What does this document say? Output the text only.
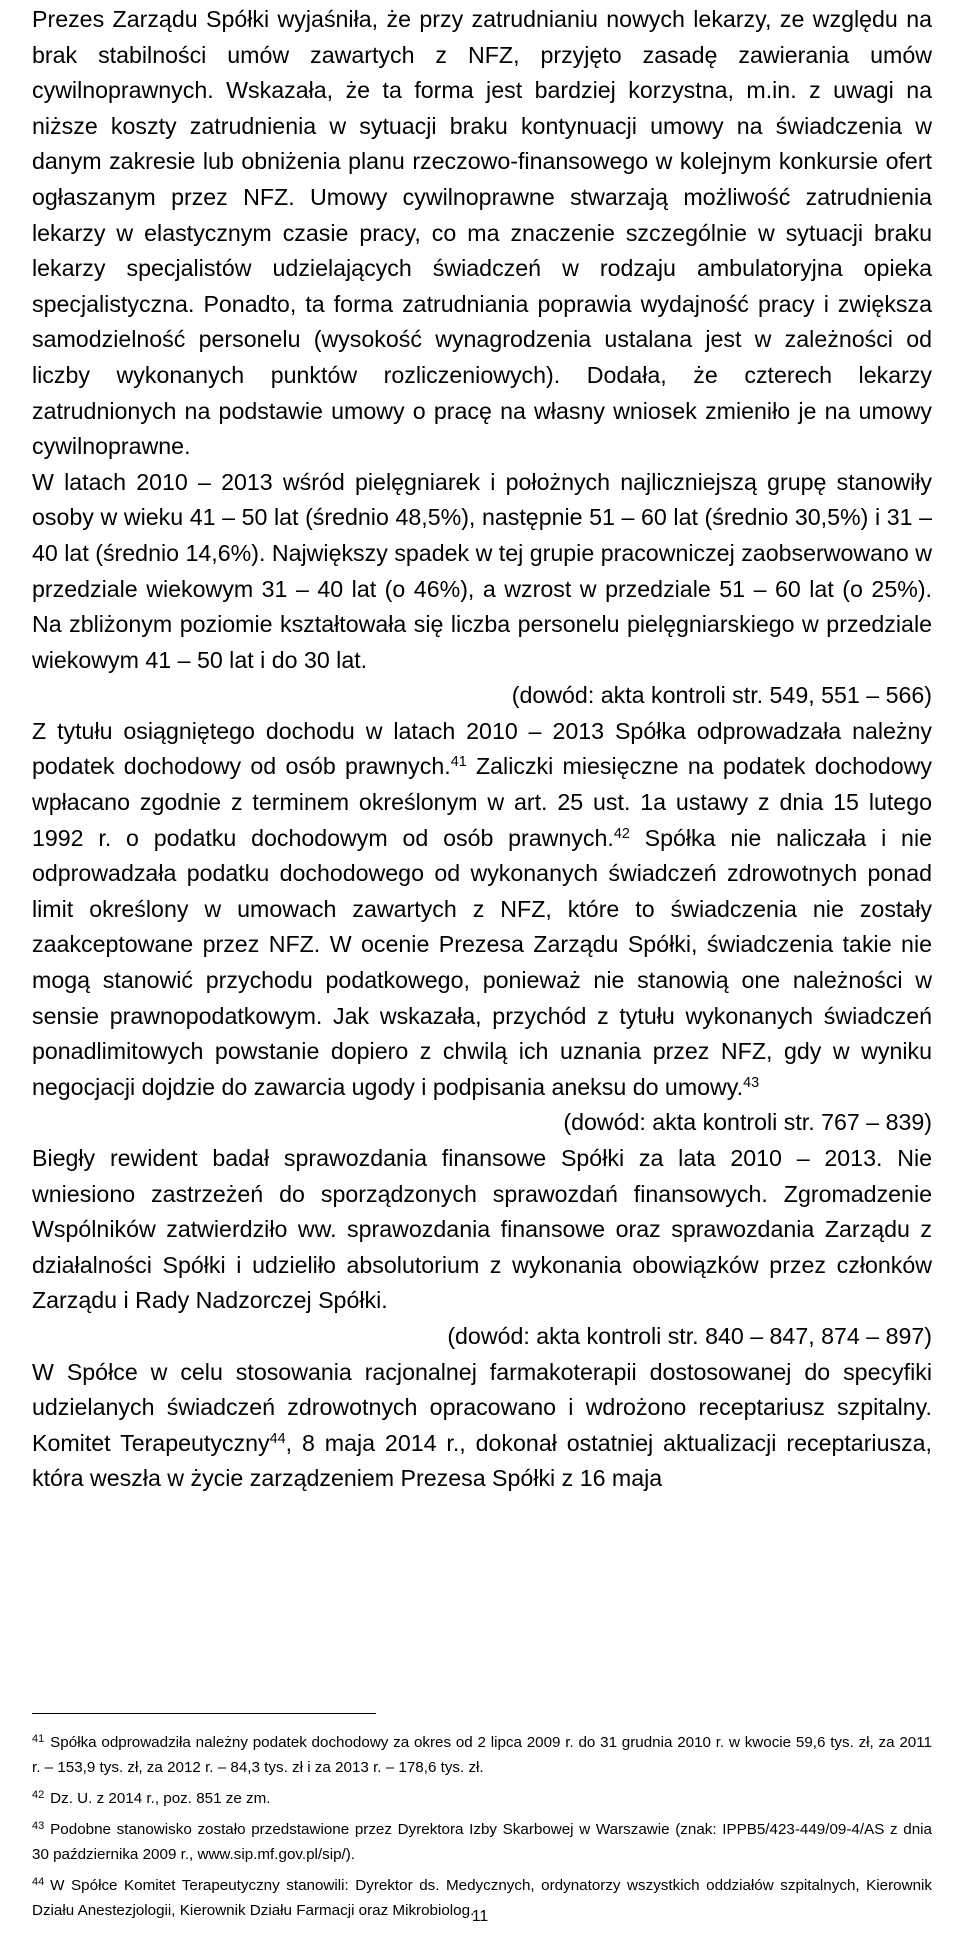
Prezes Zarządu Spółki wyjaśniła, że przy zatrudnianiu nowych lekarzy, ze względu na brak stabilności umów zawartych z NFZ, przyjęto zasadę zawierania umów cywilnoprawnych. Wskazała, że ta forma jest bardziej korzystna, m.in. z uwagi na niższe koszty zatrudnienia w sytuacji braku kontynuacji umowy na świadczenia w danym zakresie lub obniżenia planu rzeczowo-finansowego w kolejnym konkursie ofert ogłaszanym przez NFZ. Umowy cywilnoprawne stwarzają możliwość zatrudnienia lekarzy w elastycznym czasie pracy, co ma znaczenie szczególnie w sytuacji braku lekarzy specjalistów udzielających świadczeń w rodzaju ambulatoryjna opieka specjalistyczna. Ponadto, ta forma zatrudniania poprawia wydajność pracy i zwiększa samodzielność personelu (wysokość wynagrodzenia ustalana jest w zależności od liczby wykonanych punktów rozliczeniowych). Dodała, że czterech lekarzy zatrudnionych na podstawie umowy o pracę na własny wniosek zmieniło je na umowy cywilnoprawne.

W latach 2010 – 2013 wśród pielęgniarek i położnych najliczniejszą grupę stanowiły osoby w wieku 41 – 50 lat (średnio 48,5%), następnie 51 – 60 lat (średnio 30,5%) i 31 – 40 lat (średnio 14,6%). Największy spadek w tej grupie pracowniczej zaobserwowano w przedziale wiekowym 31 – 40 lat (o 46%), a wzrost w przedziale 51 – 60 lat (o 25%). Na zbliżonym poziomie kształtowała się liczba personelu pielęgniarskiego w przedziale wiekowym 41 – 50 lat i do 30 lat.

(dowód: akta kontroli str. 549, 551 – 566)

Z tytułu osiągniętego dochodu w latach 2010 – 2013 Spółka odprowadzała należny podatek dochodowy od osób prawnych.$^{41}$ Zaliczki miesięczne na podatek dochodowy wpłacano zgodnie z terminem określonym w art. 25 ust. 1a ustawy z dnia 15 lutego 1992 r. o podatku dochodowym od osób prawnych.$^{42}$ Spółka nie naliczała i nie odprowadzała podatku dochodowego od wykonanych świadczeń zdrowotnych ponad limit określony w umowach zawartych z NFZ, które to świadczenia nie zostały zaakceptowane przez NFZ. W ocenie Prezesa Zarządu Spółki, świadczenia takie nie mogą stanowić przychodu podatkowego, ponieważ nie stanowią one należności w sensie prawnopodatkowym. Jak wskazała, przychód z tytułu wykonanych świadczeń ponadlimitowych powstanie dopiero z chwilą ich uznania przez NFZ, gdy w wyniku negocjacji dojdzie do zawarcia ugody i podpisania aneksu do umowy.$^{43}$

(dowód: akta kontroli str. 767 – 839)

Biegły rewident badał sprawozdania finansowe Spółki za lata 2010 – 2013. Nie wniesiono zastrzeżeń do sporządzonych sprawozdań finansowych. Zgromadzenie Wspólników zatwierdziło ww. sprawozdania finansowe oraz sprawozdania Zarządu z działalności Spółki i udzieliło absolutorium z wykonania obowiązków przez członków Zarządu i Rady Nadzorczej Spółki.

(dowód: akta kontroli str. 840 – 847, 874 – 897)

W Spółce w celu stosowania racjonalnej farmakoterapii dostosowanej do specyfiki udzielanych świadczeń zdrowotnych opracowano i wdrożono receptariusz szpitalny. Komitet Terapeutyczny$^{44}$, 8 maja 2014 r., dokonał ostatniej aktualizacji receptariusza, która weszła w życie zarządzeniem Prezesa Spółki z 16 maja

$^{41}$ Spółka odprowadziła należny podatek dochodowy za okres od 2 lipca 2009 r. do 31 grudnia 2010 r. w kwocie 59,6 tys. zł, za 2011 r. – 153,9 tys. zł, za 2012 r. – 84,3 tys. zł i za 2013 r. – 178,6 tys. zł.

$^{42}$ Dz. U. z 2014 r., poz. 851 ze zm.

$^{43}$ Podobne stanowisko zostało przedstawione przez Dyrektora Izby Skarbowej w Warszawie (znak: IPPB5/423-449/09-4/AS z dnia 30 października 2009 r., www.sip.mf.gov.pl/sip/).

$^{44}$ W Spółce Komitet Terapeutyczny stanowili: Dyrektor ds. Medycznych, ordynatorzy wszystkich oddziałów szpitalnych, Kierownik Działu Anestezjologii, Kierownik Działu Farmacji oraz Mikrobiolog.

11
